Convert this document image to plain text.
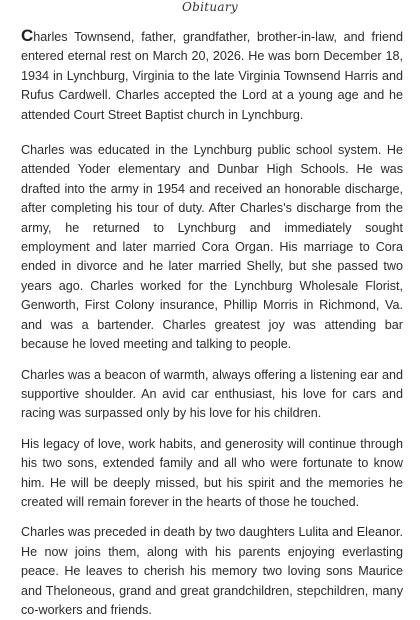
Obituary

Charles Townsend, father, grandfather, brother-in-law, and friend entered eternal rest on March 20, 2026. He was born December 18, 1934 in Lynchburg, Virginia to the late Virginia Townsend Harris and Rufus Cardwell. Charles accepted the Lord at a young age and he attended Court Street Baptist church in Lynchburg.

Charles was educated in the Lynchburg public school system. He attended Yoder elementary and Dunbar High Schools. He was drafted into the army in 1954 and received an honorable discharge, after completing his tour of duty. After Charles's discharge from the army, he returned to Lynchburg and immediately sought employment and later married Cora Organ. His marriage to Cora ended in divorce and he later married Shelly, but she passed two years ago. Charles worked for the Lynchburg Wholesale Florist, Genworth, First Colony insurance, Phillip Morris in Richmond, Va. and was a bartender. Charles greatest joy was attending bar because he loved meeting and talking to people.

Charles was a beacon of warmth, always offering a listening ear and supportive shoulder. An avid car enthusiast, his love for cars and racing was surpassed only by his love for his children.

His legacy of love, work habits, and generosity will continue through his two sons, extended family and all who were fortunate to know him. He will be deeply missed, but his spirit and the memories he created will remain forever in the hearts of those he touched.

Charles was preceded in death by two daughters Lulita and Eleanor. He now joins them, along with his parents enjoying everlasting peace. He leaves to cherish his memory two loving sons Maurice and Theloneous, grand and great grandchildren, stepchildren, many co-workers and friends.
